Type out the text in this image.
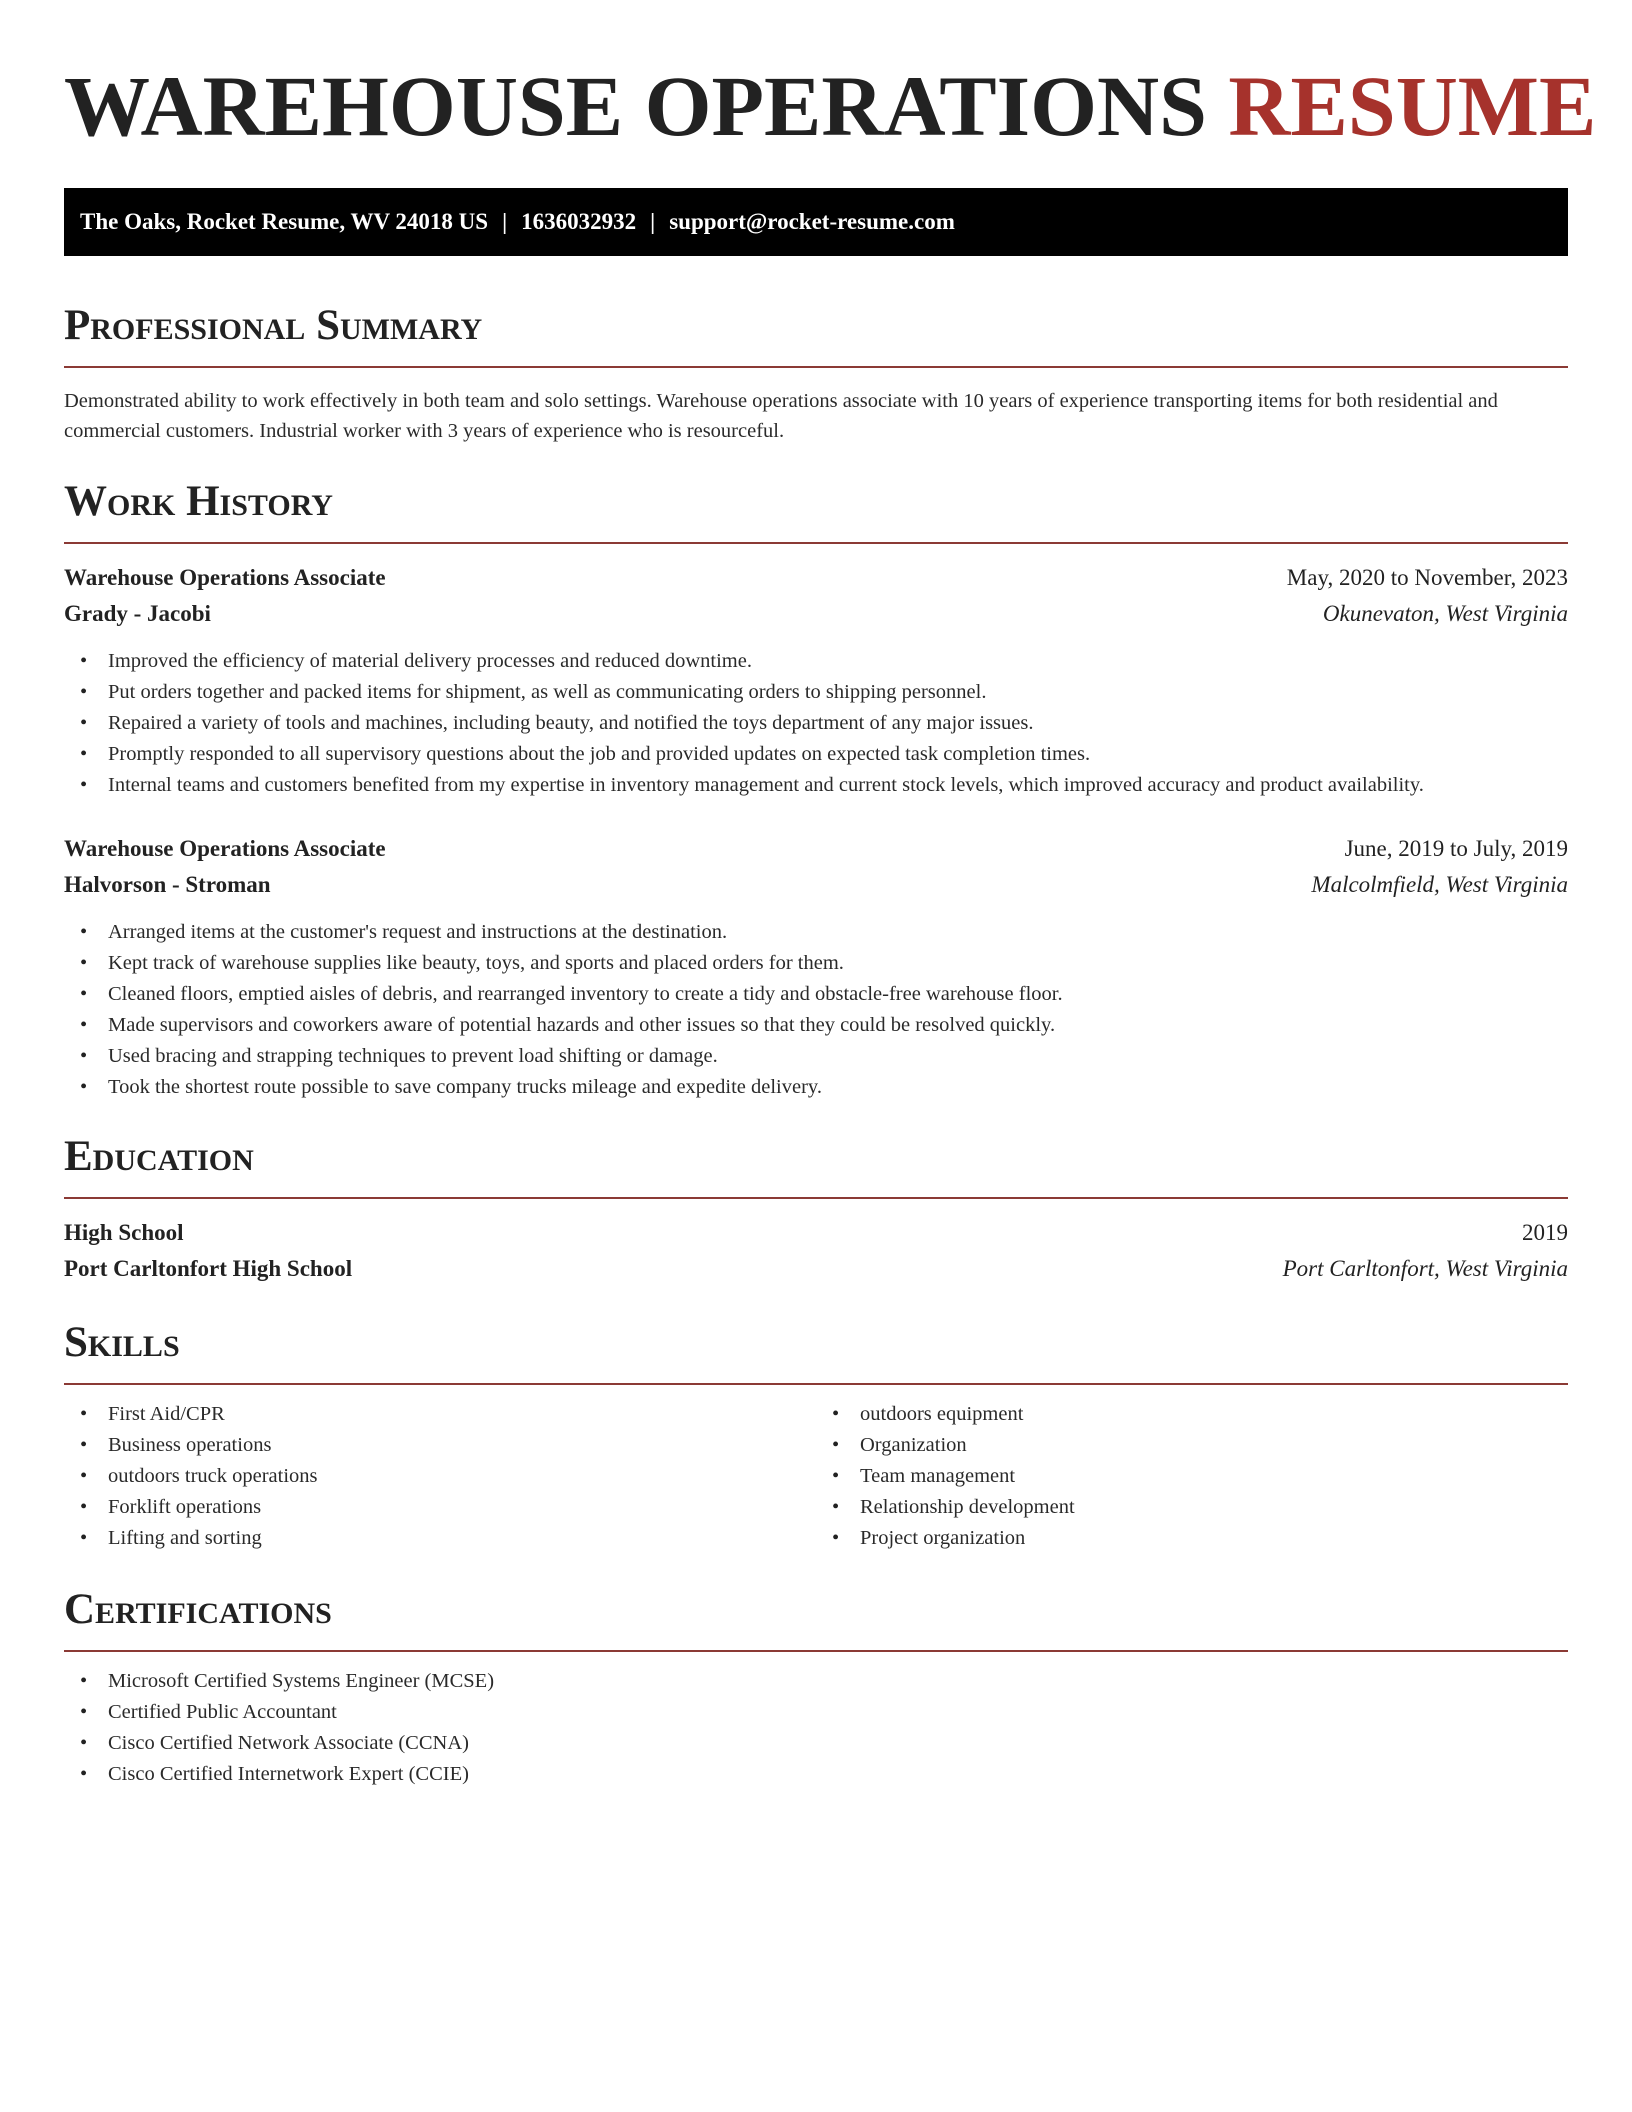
WAREHOUSE OPERATIONS RESUME
The Oaks, Rocket Resume, WV 24018 US | 1636032932 | support@rocket-resume.com
Professional Summary

Demonstrated ability to work effectively in both team and solo settings. Warehouse operations associate with 10 years of experience transporting items for both residential and commercial customers. Industrial worker with 3 years of experience who is resourceful.

Work History
Warehouse Operations Associate	May, 2020 to November, 2023
Grady - Jacobi	Okunevaton, West Virginia
• Improved the efficiency of material delivery processes and reduced downtime.
• Put orders together and packed items for shipment, as well as communicating orders to shipping personnel.
• Repaired a variety of tools and machines, including beauty, and notified the toys department of any major issues.
• Promptly responded to all supervisory questions about the job and provided updates on expected task completion times.
• Internal teams and customers benefited from my expertise in inventory management and current stock levels, which improved accuracy and product availability.
Warehouse Operations Associate	June, 2019 to July, 2019
Halvorson - Stroman	Malcolmfield, West Virginia
• Arranged items at the customer's request and instructions at the destination.
• Kept track of warehouse supplies like beauty, toys, and sports and placed orders for them.
• Cleaned floors, emptied aisles of debris, and rearranged inventory to create a tidy and obstacle-free warehouse floor.
• Made supervisors and coworkers aware of potential hazards and other issues so that they could be resolved quickly.
• Used bracing and strapping techniques to prevent load shifting or damage.
• Took the shortest route possible to save company trucks mileage and expedite delivery.
Education
High School	2019
Port Carltonfort High School	Port Carltonfort, West Virginia
Skills
• First Aid/CPR
• Business operations
• outdoors truck operations
• Forklift operations
• Lifting and sorting
• outdoors equipment
• Organization
• Team management
• Relationship development
• Project organization
Certifications
• Microsoft Certified Systems Engineer (MCSE)
• Certified Public Accountant
• Cisco Certified Network Associate (CCNA)
• Cisco Certified Internetwork Expert (CCIE)
